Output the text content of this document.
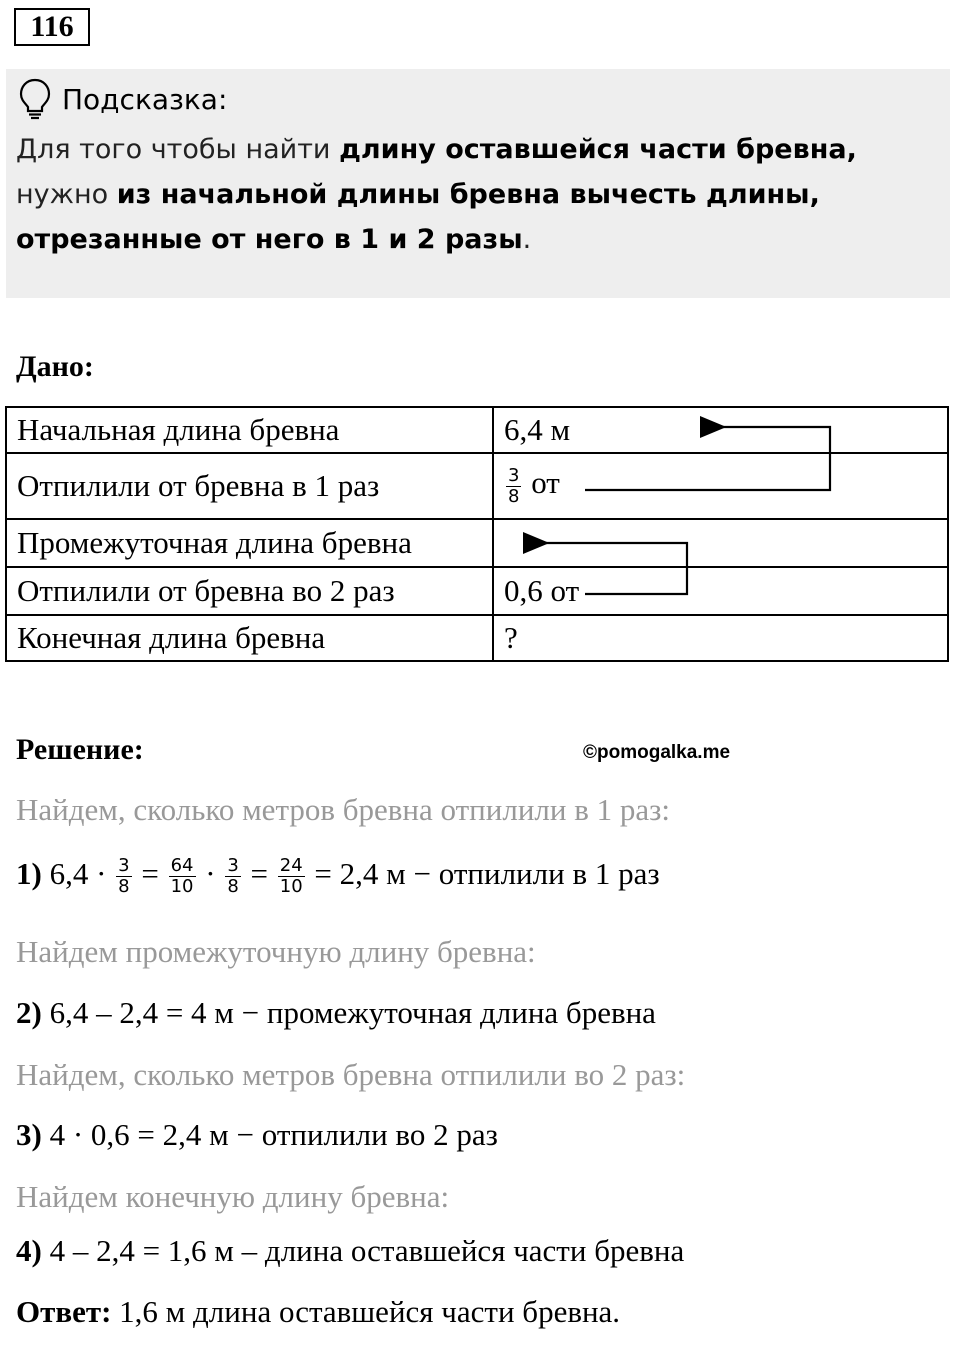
116
Подсказка:
Для того чтобы найти длину оставшейся части бревна, нужно из начальной длины бревна вычесть длины, отрезанные от него в 1 и 2 разы.
Дано:
Начальная длина бревна	6,4 м
Отпилили от бревна в 1 раз	$\frac{3}{8}$ от
Промежуточная длина бревна	
Отпилили от бревна во 2 раз	0,6 от
Конечная длина бревна	?
Решение:	©pomogalka.me
Найдем, сколько метров бревна отпилили в 1 раз:
1) $6,4 \cdot \frac{3}{8} = \frac{64}{10} \cdot \frac{3}{8} = \frac{24}{10} = 2,4$ м − отпилили в 1 раз
Найдем промежуточную длину бревна:
2) 6,4 – 2,4 = 4 м − промежуточная длина бревна
Найдем, сколько метров бревна отпилили во 2 раз:
3) 4 · 0,6 = 2,4 м − отпилили во 2 раз
Найдем конечную длину бревна:
4) 4 – 2,4 = 1,6 м – длина оставшейся части бревна
Ответ: 1,6 м длина оставшейся части бревна.
